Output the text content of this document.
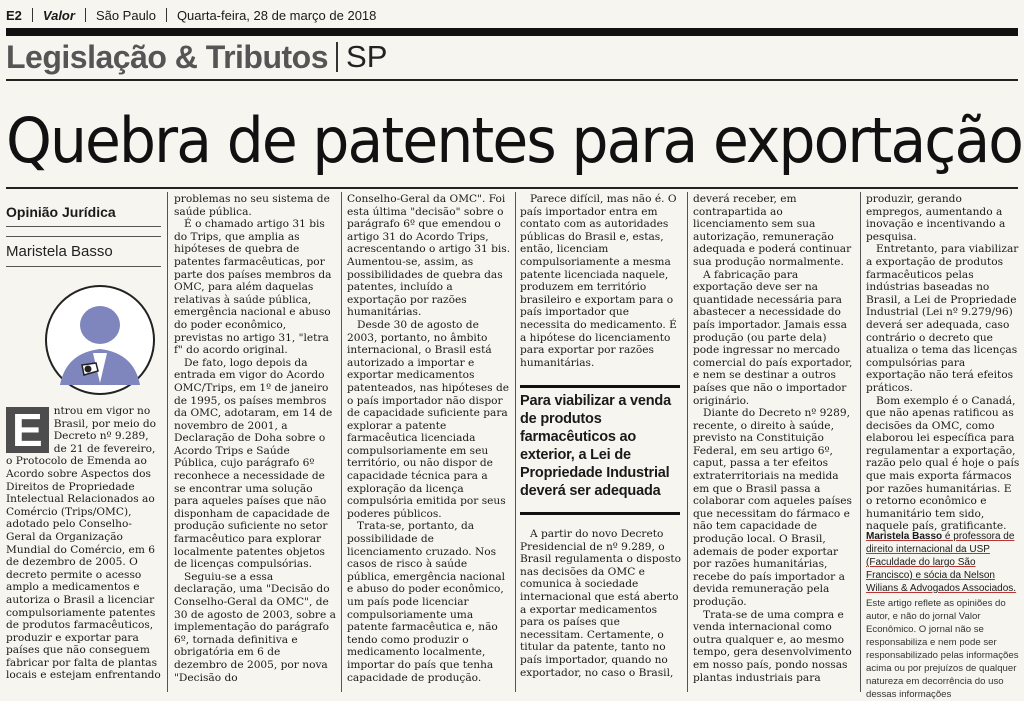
E2 Valor São Paulo Quarta-feira, 28 de março de 2018
Legislação & Tributos SP
Quebra de patentes para exportação
Opinião Jurídica
Maristela Basso
E	ntrou em vigor no Brasil, por meio do Decreto nº 9.289, de 21 de fevereiro, o Protocolo de Emenda ao Acordo sobre Aspectos dos Direitos de Propriedade Intelectual Relacionados ao Comércio (Trips/OMC), adotado pelo Conselho-Geral da Organização Mundial do Comércio, em 6 de dezembro de 2005. O decreto permite o acesso amplo a medicamentos e autoriza o Brasil a licenciar compulsoriamente patentes de produtos farmacêuticos, produzir e exportar para países que não conseguem fabricar por falta de plantas locais e estejam enfrentando

problemas no seu sistema de saúde pública.

É o chamado artigo 31 bis do Trips, que amplia as hipóteses de quebra de patentes farmacêuticas, por parte dos países membros da OMC, para além daquelas relativas à saúde pública, emergência nacional e abuso do poder econômico, previstas no artigo 31, "letra f" do acordo original.

De fato, logo depois da entrada em vigor do Acordo OMC/Trips, em 1º de janeiro de 1995, os países membros da OMC, adotaram, em 14 de novembro de 2001, a Declaração de Doha sobre o Acordo Trips e Saúde Pública, cujo parágrafo 6º reconhece a necessidade de se encontrar uma solução para aqueles países que não disponham de capacidade de produção suficiente no setor farmacêutico para explorar localmente patentes objetos de licenças compulsórias.

Seguiu-se a essa declaração, uma "Decisão do Conselho-Geral da OMC", de 30 de agosto de 2003, sobre a implementação do parágrafo 6º, tornada definitiva e obrigatória em 6 de dezembro de 2005, por nova "Decisão do

Conselho-Geral da OMC". Foi esta última "decisão" sobre o parágrafo 6º que emendou o artigo 31 do Acordo Trips, acrescentando o artigo 31 bis. Aumentou-se, assim, as possibilidades de quebra das patentes, incluído a exportação por razões humanitárias.

Desde 30 de agosto de 2003, portanto, no âmbito internacional, o Brasil está autorizado a importar e exportar medicamentos patenteados, nas hipóteses de o país importador não dispor de capacidade suficiente para explorar a patente farmacêutica licenciada compulsoriamente em seu território, ou não dispor de capacidade técnica para a exploração da licença compulsória emitida por seus poderes públicos.

Trata-se, portanto, da possibilidade de licenciamento cruzado. Nos casos de risco à saúde pública, emergência nacional e abuso do poder econômico, um país pode licenciar compulsoriamente uma patente farmacêutica e, não tendo como produzir o medicamento localmente, importar do país que tenha capacidade de produção.

Parece difícil, mas não é. O país importador entra em contato com as autoridades públicas do Brasil e, estas, então, licenciam compulsoriamente a mesma patente licenciada naquele, produzem em território brasileiro e exportam para o país importador que necessita do medicamento. É a hipótese do licenciamento para exportar por razões humanitárias.

Para viabilizar a venda de produtos farmacêuticos ao exterior, a Lei de Propriedade Industrial deverá ser adequada

A partir do novo Decreto Presidencial de nº 9.289, o Brasil regulamenta o disposto nas decisões da OMC e comunica à sociedade internacional que está aberto a exportar medicamentos para os países que necessitam. Certamente, o titular da patente, tanto no país importador, quando no exportador, no caso o Brasil,

deverá receber, em contrapartida ao licenciamento sem sua autorização, remuneração adequada e poderá continuar sua produção normalmente.

A fabricação para exportação deve ser na quantidade necessária para abastecer a necessidade do país importador. Jamais essa produção (ou parte dela) pode ingressar no mercado comercial do país exportador, e nem se destinar a outros países que não o importador originário.

Diante do Decreto nº 9289, recente, o direito à saúde, previsto na Constituição Federal, em seu artigo 6º, caput, passa a ter efeitos extraterritoriais na medida em que o Brasil passa a colaborar com aqueles países que necessitam do fármaco e não tem capacidade de produção local. O Brasil, ademais de poder exportar por razões humanitárias, recebe do país importador a devida remuneração pela produção.

Trata-se de uma compra e venda internacional como outra qualquer e, ao mesmo tempo, gera desenvolvimento em nosso país, pondo nossas plantas industriais para

produzir, gerando empregos, aumentando a inovação e incentivando a pesquisa.

Entretanto, para viabilizar a exportação de produtos farmacêuticos pelas indústrias baseadas no Brasil, a Lei de Propriedade Industrial (Lei nº 9.279/96) deverá ser adequada, caso contrário o decreto que atualiza o tema das licenças compulsórias para exportação não terá efeitos práticos.

Bom exemplo é o Canadá, que não apenas ratificou as decisões da OMC, como elaborou lei específica para regulamentar a exportação, razão pelo qual é hoje o país que mais exporta fármacos por razões humanitárias. E o retorno econômico e humanitário tem sido, naquele país, gratificante.

Maristela Basso é professora de direito internacional da USP (Faculdade do largo São Francisco) e sócia da Nelson Wilians & Advogados Associados.
Este artigo reflete as opiniões do autor, e não do jornal Valor Econômico. O jornal não se responsabiliza e nem pode ser responsabilizado pelas informações acima ou por prejuízos de qualquer natureza em decorrência do uso dessas informações
